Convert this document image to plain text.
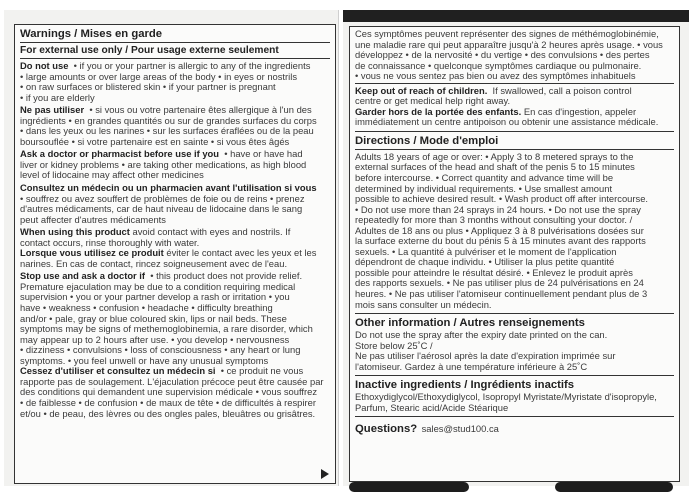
Warnings / Mises en garde
For external use only / Pour usage externe seulement

Do not use • if you or your partner is allergic to any of the ingredients

• large amounts or over large areas of the body • in eyes or nostrils

• on raw surfaces or blistered skin • if your partner is pregnant

• if you are elderly

Ne pas utiliser • si vous ou votre partenaire êtes allergique à l'un des

ingrédients • en grandes quantités ou sur de grandes surfaces du corps

• dans les yeux ou les narines • sur les surfaces éraflées ou de la peau

boursouflée • si votre partenaire est en sainte • si vous êtes âgés

Ask a doctor or pharmacist before use if you • have or have had

liver or kidney problems • are taking other medications, as high blood

level of lidocaine may affect other medicines

Consultez un médecin ou un pharmacien avant l'utilisation si vous

• souffrez ou avez souffert de problèmes de foie ou de reins • prenez

d'autres médicaments, car de haut niveau de lidocaine dans le sang

peut affecter d'autres médicaments

When using this product avoid contact with eyes and nostrils. If

contact occurs, rinse thoroughly with water.

Lorsque vous utilisez ce produit éviter le contact avec les yeux et les

narines. En cas de contact, rincez soigneusement avec de l'eau.

Stop use and ask a doctor if • this product does not provide relief.

Premature ejaculation may be due to a condition requiring medical

supervision • you or your partner develop a rash or irritation • you

have • weakness • confusion • headache • difficulty breathing

and/or • pale, gray or blue coloured skin, lips or nail beds. These

symptoms may be signs of methemoglobinemia, a rare disorder, which

may appear up to 2 hours after use. • you develop • nervousness

• dizziness • convulsions • loss of consciousness • any heart or lung

symptoms. • you feel unwell or have any unusual symptoms

Cessez d'utiliser et consultez un médecin si • ce produit ne vous

rapporte pas de soulagement. L'éjaculation précoce peut être causée par

des conditions qui demandent une supervision médicale • vous souffrez

• de faiblesse • de confusion • de maux de tête • de difficultés à respirer

et/ou • de peau, des lèvres ou des ongles pales, bleuâtres ou grisâtres.

Ces symptômes peuvent représenter des signes de méthémoglobinémie,

une maladie rare qui peut apparaître jusqu'à 2 heures après usage. • vous

développez • de la nervosité • du vertige • des convulsions • des pertes

de connaissance • quelconque symptômes cardiaque ou pulmonaire.

• vous ne vous sentez pas bien ou avez des symptômes inhabituels

Keep out of reach of children. If swallowed, call a poison control

centre or get medical help right away.

Garder hors de la portée des enfants. En cas d'ingestion, appeler

immédiatement un centre antipoison ou obtenir une assistance médicale.

Directions / Mode d'emploi

Adults 18 years of age or over: • Apply 3 to 8 metered sprays to the

external surfaces of the head and shaft of the penis 5 to 15 minutes

before intercourse. • Correct quantity and advance time will be

determined by individual requirements. • Use smallest amount

possible to achieve desired result. • Wash product off after intercourse.

• Do not use more than 24 sprays in 24 hours. • Do not use the spray

repeatedly for more than 3 months without consulting your doctor. /

Adultes de 18 ans ou plus • Appliquez 3 à 8 pulvérisations dosées sur

la surface externe du bout du pénis 5 à 15 minutes avant des rapports

sexuels. • La quantité à pulvériser et le moment de l'application

dépendront de chaque individu. • Utiliser la plus petite quantité

possible pour atteindre le résultat désiré. • Enlevez le produit après

des rapports sexuels. • Ne pas utiliser plus de 24 pulvérisations en 24

heures. • Ne pas utiliser l'atomiseur continuellement pendant plus de 3

mois sans consulter un médecin.

Other information / Autres renseignements

Do not use the spray after the expiry date printed on the can.

Store below 25˚C /

Ne pas utiliser l'aérosol après la date d'expiration imprimée sur

l'atomiseur. Gardez à une température inférieure à 25˚C

Inactive ingredients / Ingrédients inactifs

Ethoxydiglycol/Ethoxydiglycol, Isopropyl Myristate/Myristate d'isopropyle,

Parfum, Stearic acid/Acide Stéarique

Questions? sales@stud100.ca
